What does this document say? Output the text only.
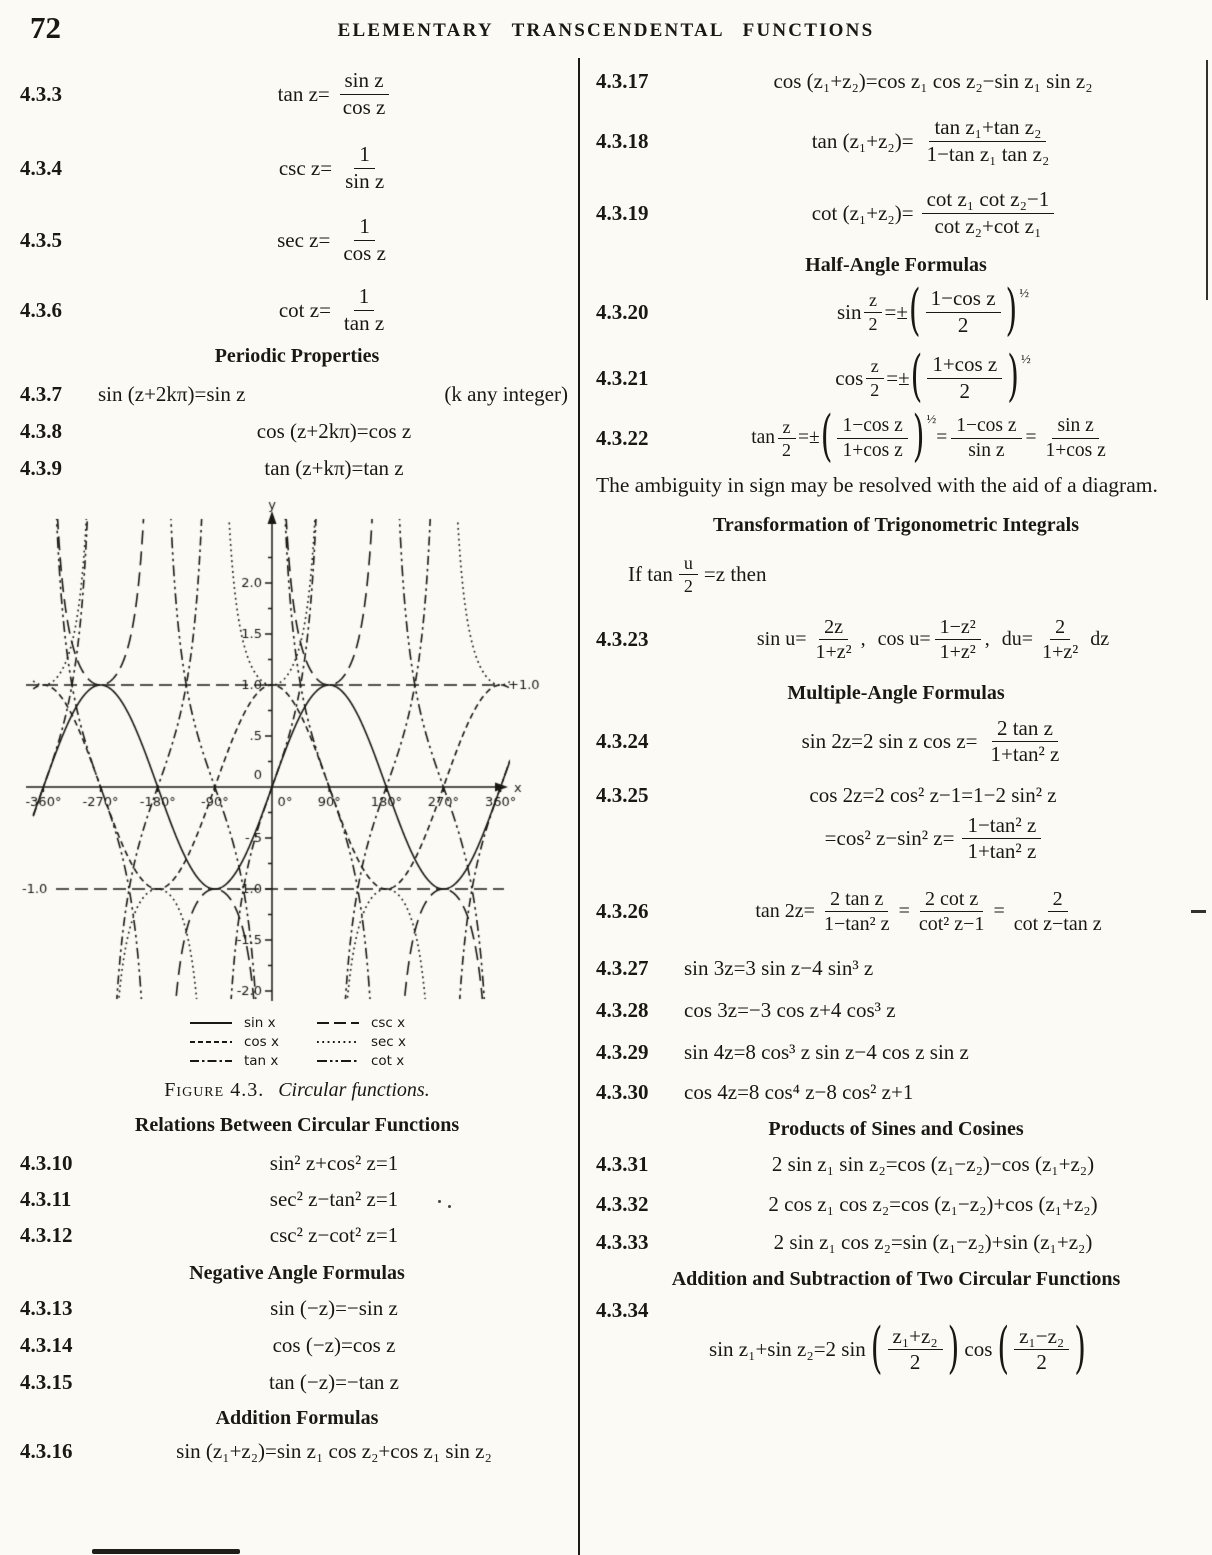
72	ELEMENTARY TRANSCENDENTAL FUNCTIONS
4.3.3	$\tan z= \frac{\text{sin z}}{\text{cos z}}$
4.3.4	$\csc z= \frac{1}{\text{sin z}}$
4.3.5	$\sec z= \frac{1}{\text{cos z}}$
4.3.6	$\cot z= \frac{1}{\text{tan z}}$
Periodic Properties
4.3.7	sin (z+2kπ)=sin z	(k any integer)
4.3.8	cos (z+2kπ)=cos z
4.3.9	tan (z+kπ)=tan z
sin x
cos x
tan x
csc x
sec x
cot x
Figure 4.3. Circular functions.
Relations Between Circular Functions
4.3.10	sin² z+cos² z=1
4.3.11	sec² z−tan² z=1
4.3.12	csc² z−cot² z=1
Negative Angle Formulas
4.3.13	sin (−z)=−sin z
4.3.14	cos (−z)=cos z
4.3.15	tan (−z)=−tan z
Addition Formulas
4.3.16	sin (z₁+z₂)=sin z₁ cos z₂+cos z₁ sin z₂
4.3.17	cos (z₁+z₂)=cos z₁ cos z₂−sin z₁ sin z₂
4.3.18	$\tan (z_1+z_2)= \frac{\text{tan z₁+tan z₂}}{\text{1−tan z₁ tan z₂}}$
4.3.19	$\cot (z_1+z_2)= \frac{\text{cot z₁ cot z₂−1}}{\text{cot z₂+cot z₁}}$
Half-Angle Formulas
4.3.20	$\sin \frac{z}{2}$ =± ( $\frac{\text{1−cos z}}{2}$ ) ½
4.3.21	$\cos \frac{z}{2}$ =± ( $\frac{\text{1+cos z}}{2}$ ) ½
4.3.22	$\tan \frac{z}{2}$ =± ( $\frac{\text{1−cos z}}{\text{1+cos z}}$ ) ½
= $\frac{\text{1−cos z}}{\text{sin z}} = \frac{\text{sin z}}{\text{1+cos z}}$

The ambiguity in sign may be resolved with the aid of a diagram.

Transformation of Trigonometric Integrals
If $\tan \frac{u}{2} =z$ then
4.3.23	$\sin u= \frac{2z}{\text{1+z²}}$ , $\cos u= \frac{\text{1−z²}}{\text{1+z²}}$ , $du= \frac{2}{\text{1+z²}}$ dz
Multiple-Angle Formulas
4.3.24	sin 2z=2 sin z $\cos z= \frac{\text{2 tan z}}{\text{1+tan² z}}$
4.3.25	cos 2z=2 cos² z−1=1−2 sin² z
=cos² z−sin² $z= \frac{\text{1−tan² z}}{\text{1+tan² z}}$
4.3.26	$\tan 2z= \frac{\text{2 tan z}}{\text{1−tan² z}} = \frac{\text{2 cot z}}{\text{cot² z−1}} = \frac{2}{\text{cot z−tan z}}$
4.3.27	sin 3z=3 sin z−4 sin³ z
4.3.28	cos 3z=−3 cos z+4 cos³ z
4.3.29	sin 4z=8 cos³ z sin z−4 cos z sin z
4.3.30	cos 4z=8 cos⁴ z−8 cos² z+1
Products of Sines and Cosines
4.3.31	2 sin z₁ sin z₂=cos (z₁−z₂)−cos (z₁+z₂)
4.3.32	2 cos z₁ cos z₂=cos (z₁−z₂)+cos (z₁+z₂)
4.3.33	2 sin z₁ cos z₂=sin (z₁−z₂)+sin (z₁+z₂)
Addition and Subtraction of Two Circular Functions
4.3.34
sin z₁+sin z₂=2 sin ( $\frac{\text{z₁+z₂}}{2}$ ) cos ( $\frac{\text{z₁−z₂}}{2}$ )
